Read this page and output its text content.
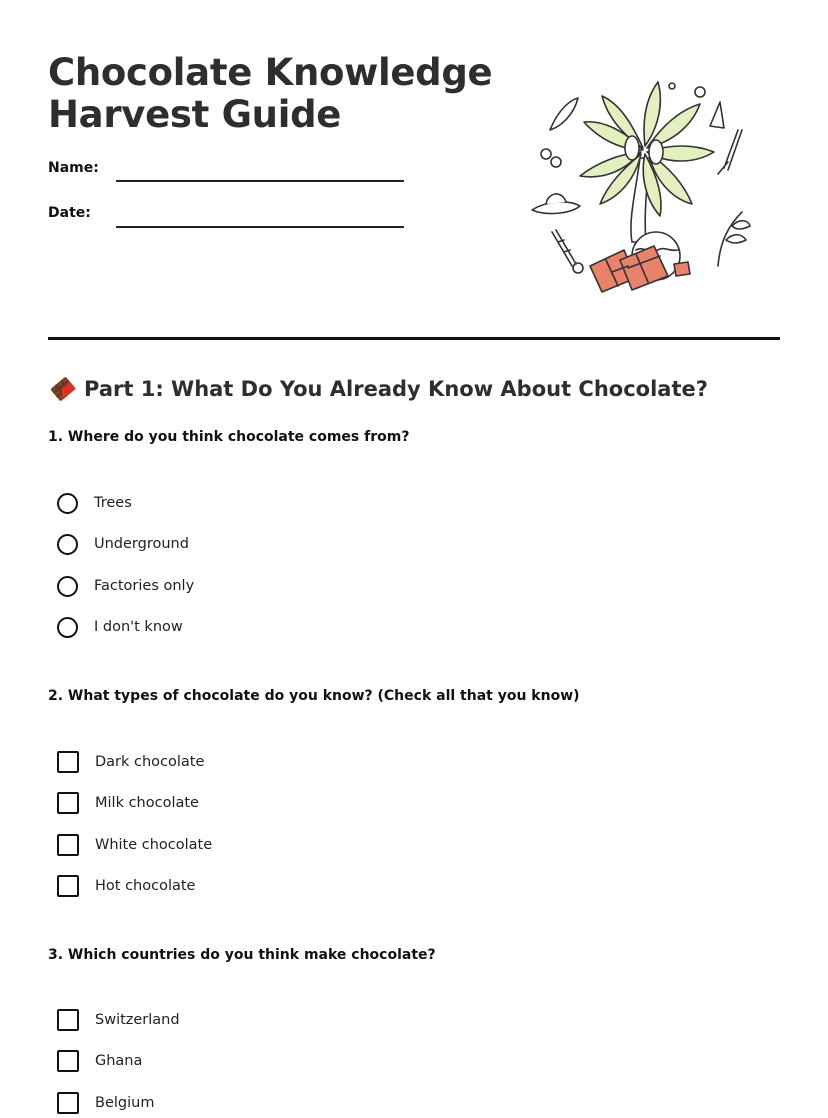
Chocolate Knowledge
Harvest Guide
Name:
Date:
Part 1: What Do You Already Know About Chocolate?
1. Where do you think chocolate comes from?
Trees
Underground
Factories only
I don't know
2. What types of chocolate do you know? (Check all that you know)
Dark chocolate
Milk chocolate
White chocolate
Hot chocolate
3. Which countries do you think make chocolate?
Switzerland
Ghana
Belgium
